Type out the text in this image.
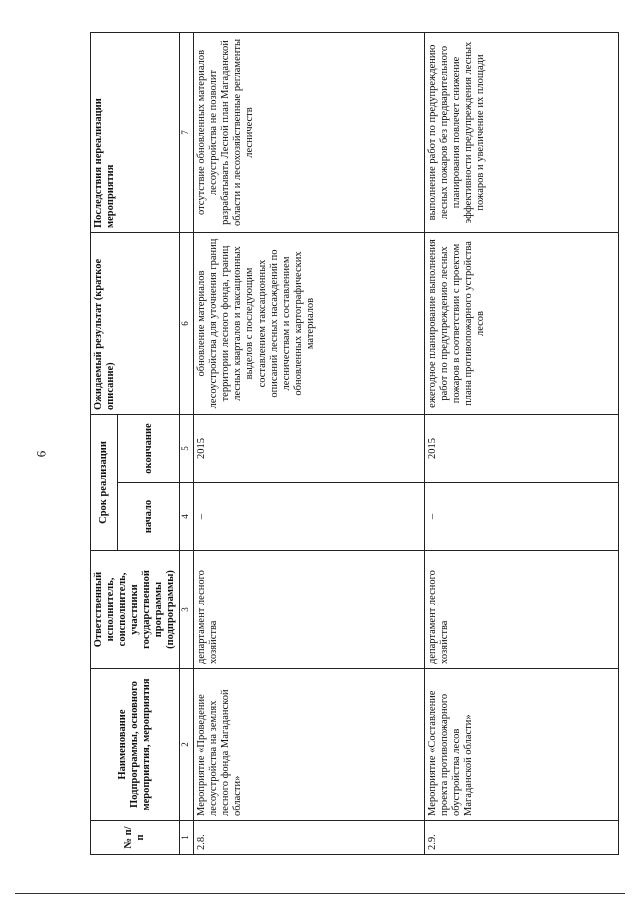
6
№ п/п	Наименование Подпрограммы, основного мероприятия, мероприятия	Ответственный исполнитель, соисполнитель, участники государственной программы (подпрограммы)	Срок реализации		Ожидаемый результат (краткое описание)	Последствия нереализации мероприятия
			начало	окончание		
1	2	3	4	5	6	7
2.8.	Мероприятие «Проведение лесоустройства на землях лесного фонда Магаданской области»	департамент лесного хозяйства	–	2015	обновление материалов лесоустройства для уточнения границ территории лесного фонда, границ лесных кварталов и таксационных выделов с последующим составлением таксационных описаний лесных насаждений по лесничествам и составлением обновленных картографических материалов	отсутствие обновленных материалов лесоустройства не позволит разрабатывать Лесной план Магаданской области и лесохозяйственные регламенты лесничеств
2.9.	Мероприятие «Составление проекта противопожарного обустройства лесов Магаданской области»	департамент лесного хозяйства	–	2015	ежегодное планирование выполнения работ по предупреждению лесных пожаров в соответствии с проектом плана противопожарного устройства лесов	выполнение работ по предупреждению лесных пожаров без предварительного планирования повлечет снижение эффективности предупреждения лесных пожаров и увеличение их площади
